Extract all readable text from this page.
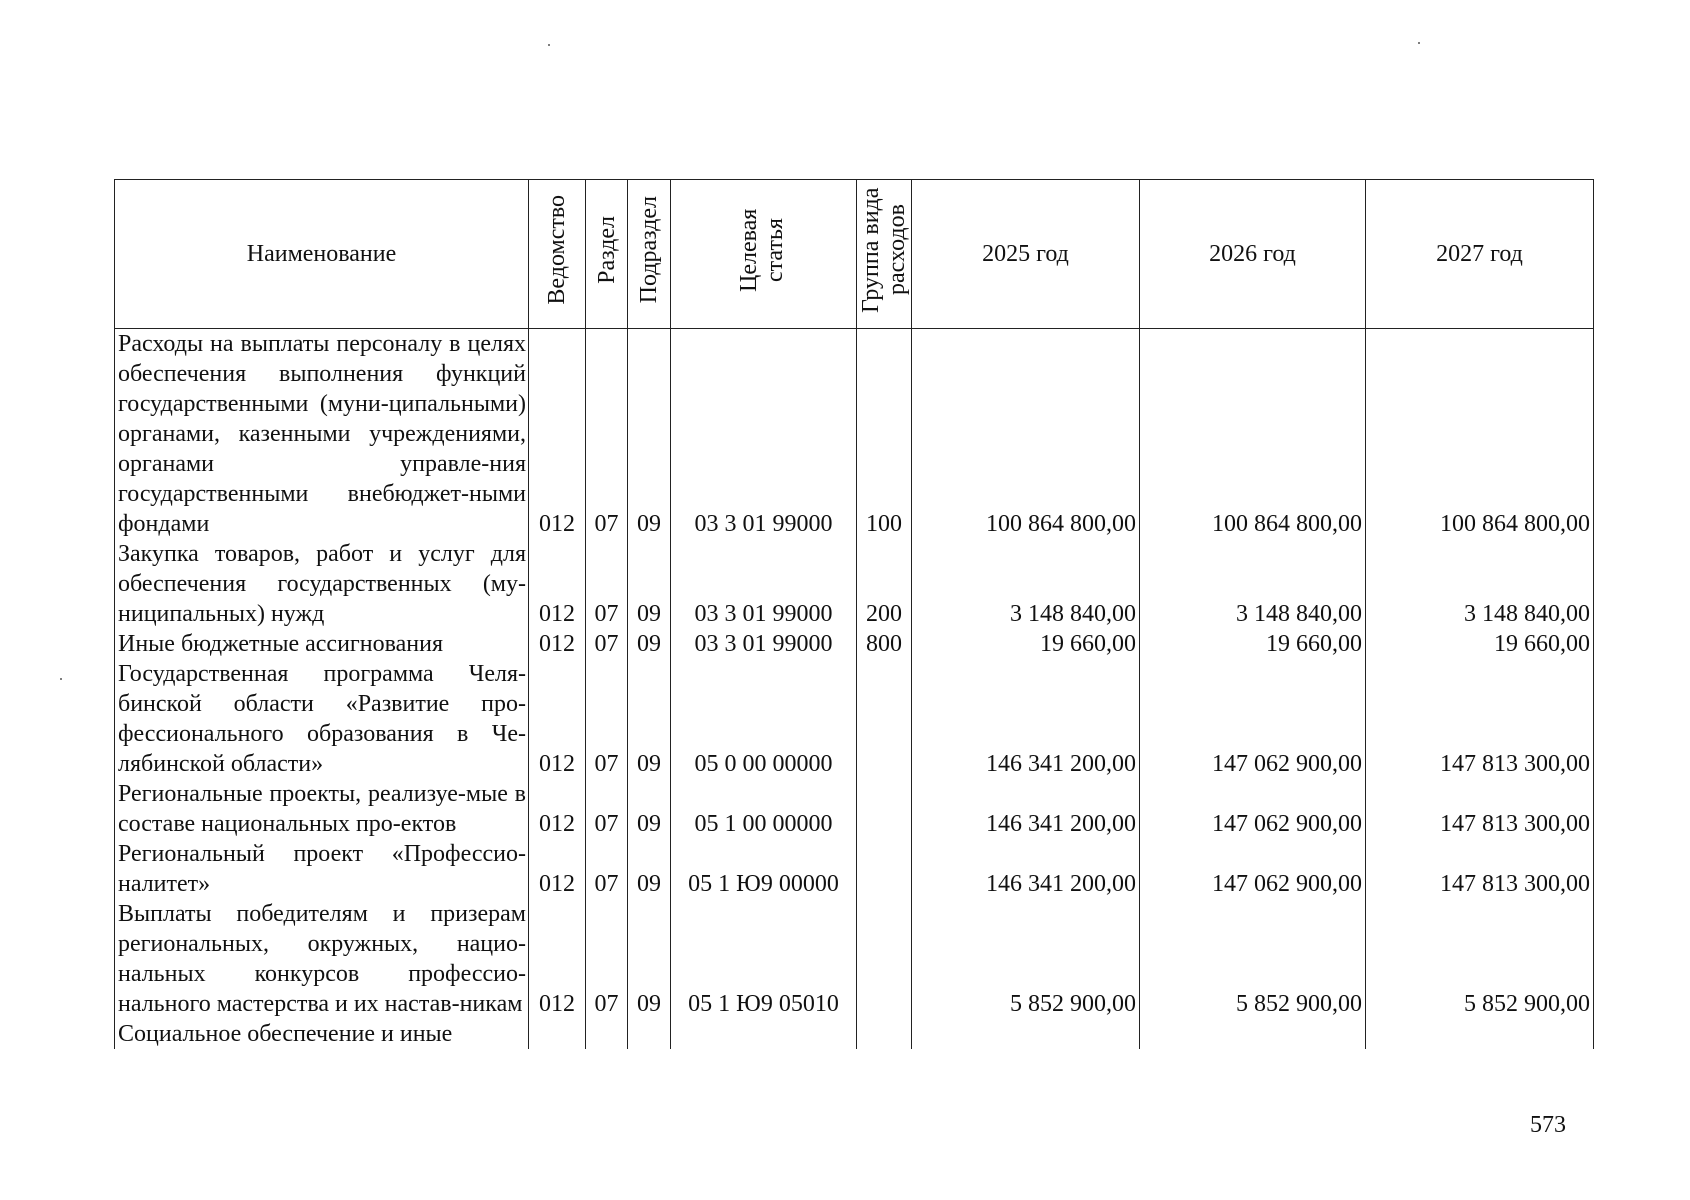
Наименование	Ведомство	Раздел	Подраздел	Целевая статья	Группа вида расходов	2025 год	2026 год	2027 год
Расходы на выплаты персоналу в целях обеспечения выполнения функций государственными (муни-ципальными) органами, казенными учреждениями, органами управле-ния государственными внебюджет-ными фондами	012	07	09	03 3 01 99000	100	100 864 800,00	100 864 800,00	100 864 800,00
Закупка товаров, работ и услуг для обеспечения государственных (му-ниципальных) нужд	012	07	09	03 3 01 99000	200	3 148 840,00	3 148 840,00	3 148 840,00
Иные бюджетные ассигнования	012	07	09	03 3 01 99000	800	19 660,00	19 660,00	19 660,00
Государственная программа Челя-бинской области «Развитие про-фессионального образования в Че-лябинской области»	012	07	09	05 0 00 00000		146 341 200,00	147 062 900,00	147 813 300,00
Региональные проекты, реализуе-мые в составе национальных про-ектов	012	07	09	05 1 00 00000		146 341 200,00	147 062 900,00	147 813 300,00
Региональный проект «Профессио-налитет»	012	07	09	05 1 Ю9 00000		146 341 200,00	147 062 900,00	147 813 300,00
Выплаты победителям и призерам региональных, окружных, нацио-нальных конкурсов профессио-нального мастерства и их настав-никам	012	07	09	05 1 Ю9 05010		5 852 900,00	5 852 900,00	5 852 900,00
Социальное обеспечение и иные								
573
